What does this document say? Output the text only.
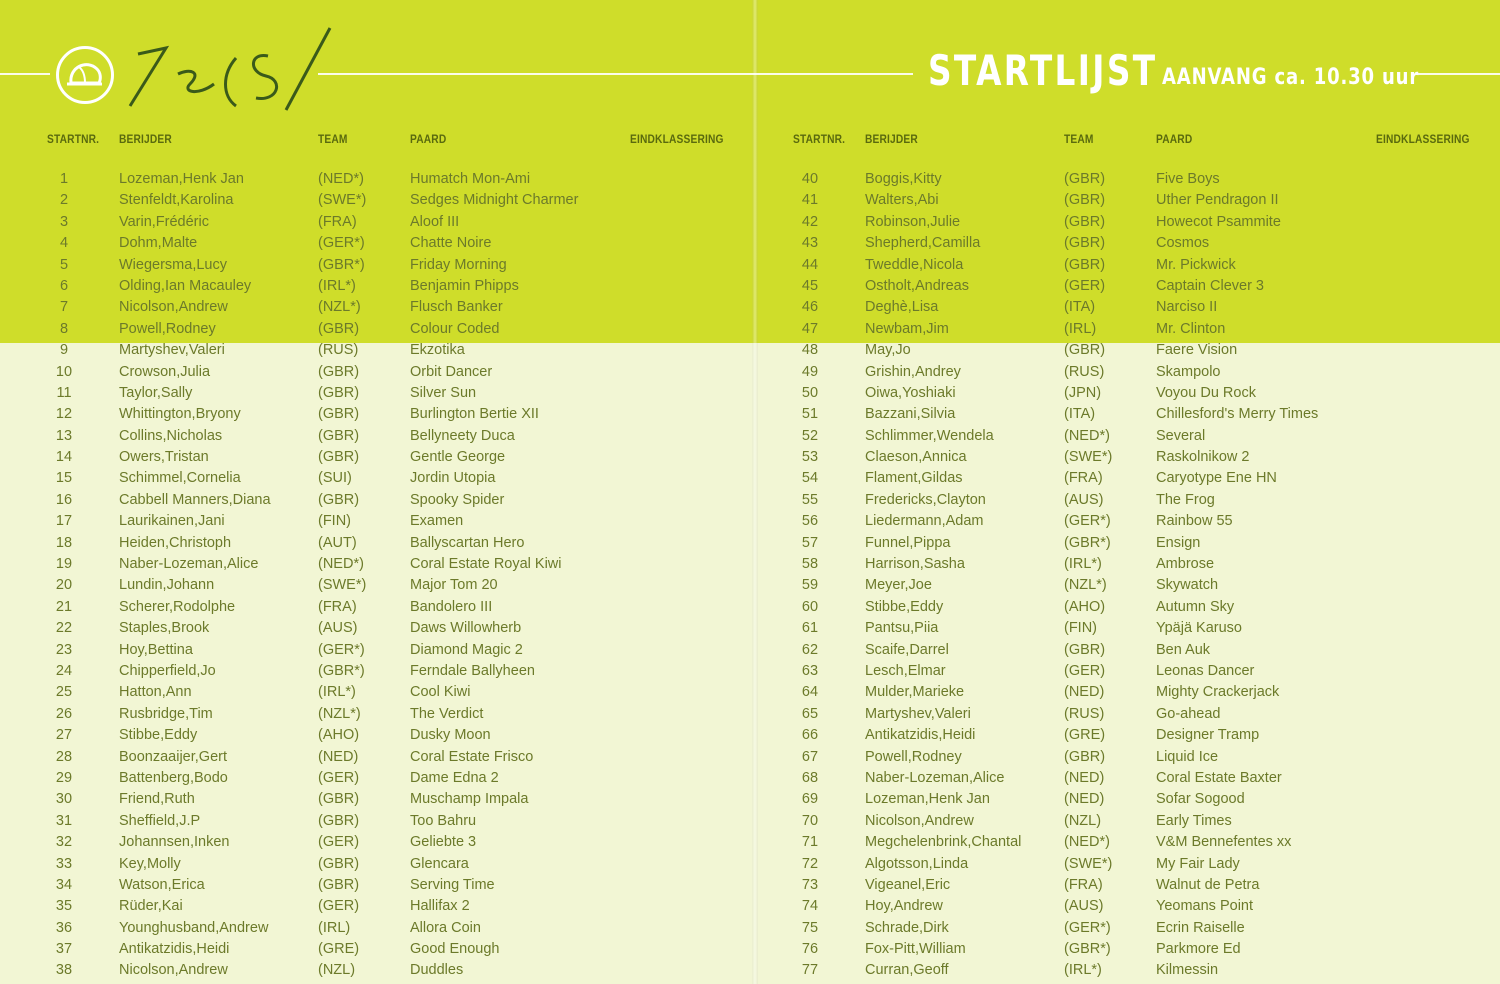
STARTLIJST AANVANG ca. 10.30 uur
STARTNR. BERIJDER	TEAM	PAARD	EINDKLASSERING	STARTNR. BERIJDER	TEAM	PAARD	EINDKLASSERING
1	Lozeman,Henk Jan	(NED*)	Humatch Mon-Ami
2	Stenfeldt,Karolina	(SWE*)	Sedges Midnight Charmer
3	Varin,Frédéric	(FRA)	Aloof III
4	Dohm,Malte	(GER*)	Chatte Noire
5	Wiegersma,Lucy	(GBR*)	Friday Morning
6	Olding,Ian Macauley	(IRL*)	Benjamin Phipps
7	Nicolson,Andrew	(NZL*)	Flusch Banker
8	Powell,Rodney	(GBR)	Colour Coded
9	Martyshev,Valeri	(RUS)	Ekzotika
10	Crowson,Julia	(GBR)	Orbit Dancer
11	Taylor,Sally	(GBR)	Silver Sun
12	Whittington,Bryony	(GBR)	Burlington Bertie XII
13	Collins,Nicholas	(GBR)	Bellyneety Duca
14	Owers,Tristan	(GBR)	Gentle George
15	Schimmel,Cornelia	(SUI)	Jordin Utopia
16	Cabbell Manners,Diana	(GBR)	Spooky Spider
17	Laurikainen,Jani	(FIN)	Examen
18	Heiden,Christoph	(AUT)	Ballyscartan Hero
19	Naber-Lozeman,Alice	(NED*)	Coral Estate Royal Kiwi
20	Lundin,Johann	(SWE*)	Major Tom 20
21	Scherer,Rodolphe	(FRA)	Bandolero III
22	Staples,Brook	(AUS)	Daws Willowherb
23	Hoy,Bettina	(GER*)	Diamond Magic 2
24	Chipperfield,Jo	(GBR*)	Ferndale Ballyheen
25	Hatton,Ann	(IRL*)	Cool Kiwi
26	Rusbridge,Tim	(NZL*)	The Verdict
27	Stibbe,Eddy	(AHO)	Dusky Moon
28	Boonzaaijer,Gert	(NED)	Coral Estate Frisco
29	Battenberg,Bodo	(GER)	Dame Edna 2
30	Friend,Ruth	(GBR)	Muschamp Impala
31	Sheffield,J.P	(GBR)	Too Bahru
32	Johannsen,Inken	(GER)	Geliebte 3
33	Key,Molly	(GBR)	Glencara
34	Watson,Erica	(GBR)	Serving Time
35	Rüder,Kai	(GER)	Hallifax 2
36	Younghusband,Andrew	(IRL)	Allora Coin
37	Antikatzidis,Heidi	(GRE)	Good Enough
38	Nicolson,Andrew	(NZL)	Duddles
40	Boggis,Kitty	(GBR)	Five Boys
41	Walters,Abi	(GBR)	Uther Pendragon II
42	Robinson,Julie	(GBR)	Howecot Psammite
43	Shepherd,Camilla	(GBR)	Cosmos
44	Tweddle,Nicola	(GBR)	Mr. Pickwick
45	Ostholt,Andreas	(GER)	Captain Clever 3
46	Deghè,Lisa	(ITA)	Narciso II
47	Newbam,Jim	(IRL)	Mr. Clinton
48	May,Jo	(GBR)	Faere Vision
49	Grishin,Andrey	(RUS)	Skampolo
50	Oiwa,Yoshiaki	(JPN)	Voyou Du Rock
51	Bazzani,Silvia	(ITA)	Chillesford's Merry Times
52	Schlimmer,Wendela	(NED*)	Several
53	Claeson,Annica	(SWE*)	Raskolnikow 2
54	Flament,Gildas	(FRA)	Caryotype Ene HN
55	Fredericks,Clayton	(AUS)	The Frog
56	Liedermann,Adam	(GER*)	Rainbow 55
57	Funnel,Pippa	(GBR*)	Ensign
58	Harrison,Sasha	(IRL*)	Ambrose
59	Meyer,Joe	(NZL*)	Skywatch
60	Stibbe,Eddy	(AHO)	Autumn Sky
61	Pantsu,Piia	(FIN)	Ypäjä Karuso
62	Scaife,Darrel	(GBR)	Ben Auk
63	Lesch,Elmar	(GER)	Leonas Dancer
64	Mulder,Marieke	(NED)	Mighty Crackerjack
65	Martyshev,Valeri	(RUS)	Go-ahead
66	Antikatzidis,Heidi	(GRE)	Designer Tramp
67	Powell,Rodney	(GBR)	Liquid Ice
68	Naber-Lozeman,Alice	(NED)	Coral Estate Baxter
69	Lozeman,Henk Jan	(NED)	Sofar Sogood
70	Nicolson,Andrew	(NZL)	Early Times
71	Megchelenbrink,Chantal	(NED*)	V&M Bennefentes xx
72	Algotsson,Linda	(SWE*)	My Fair Lady
73	Vigeanel,Eric	(FRA)	Walnut de Petra
74	Hoy,Andrew	(AUS)	Yeomans Point
75	Schrade,Dirk	(GER*)	Ecrin Raiselle
76	Fox-Pitt,William	(GBR*)	Parkmore Ed
77	Curran,Geoff	(IRL*)	Kilmessin
